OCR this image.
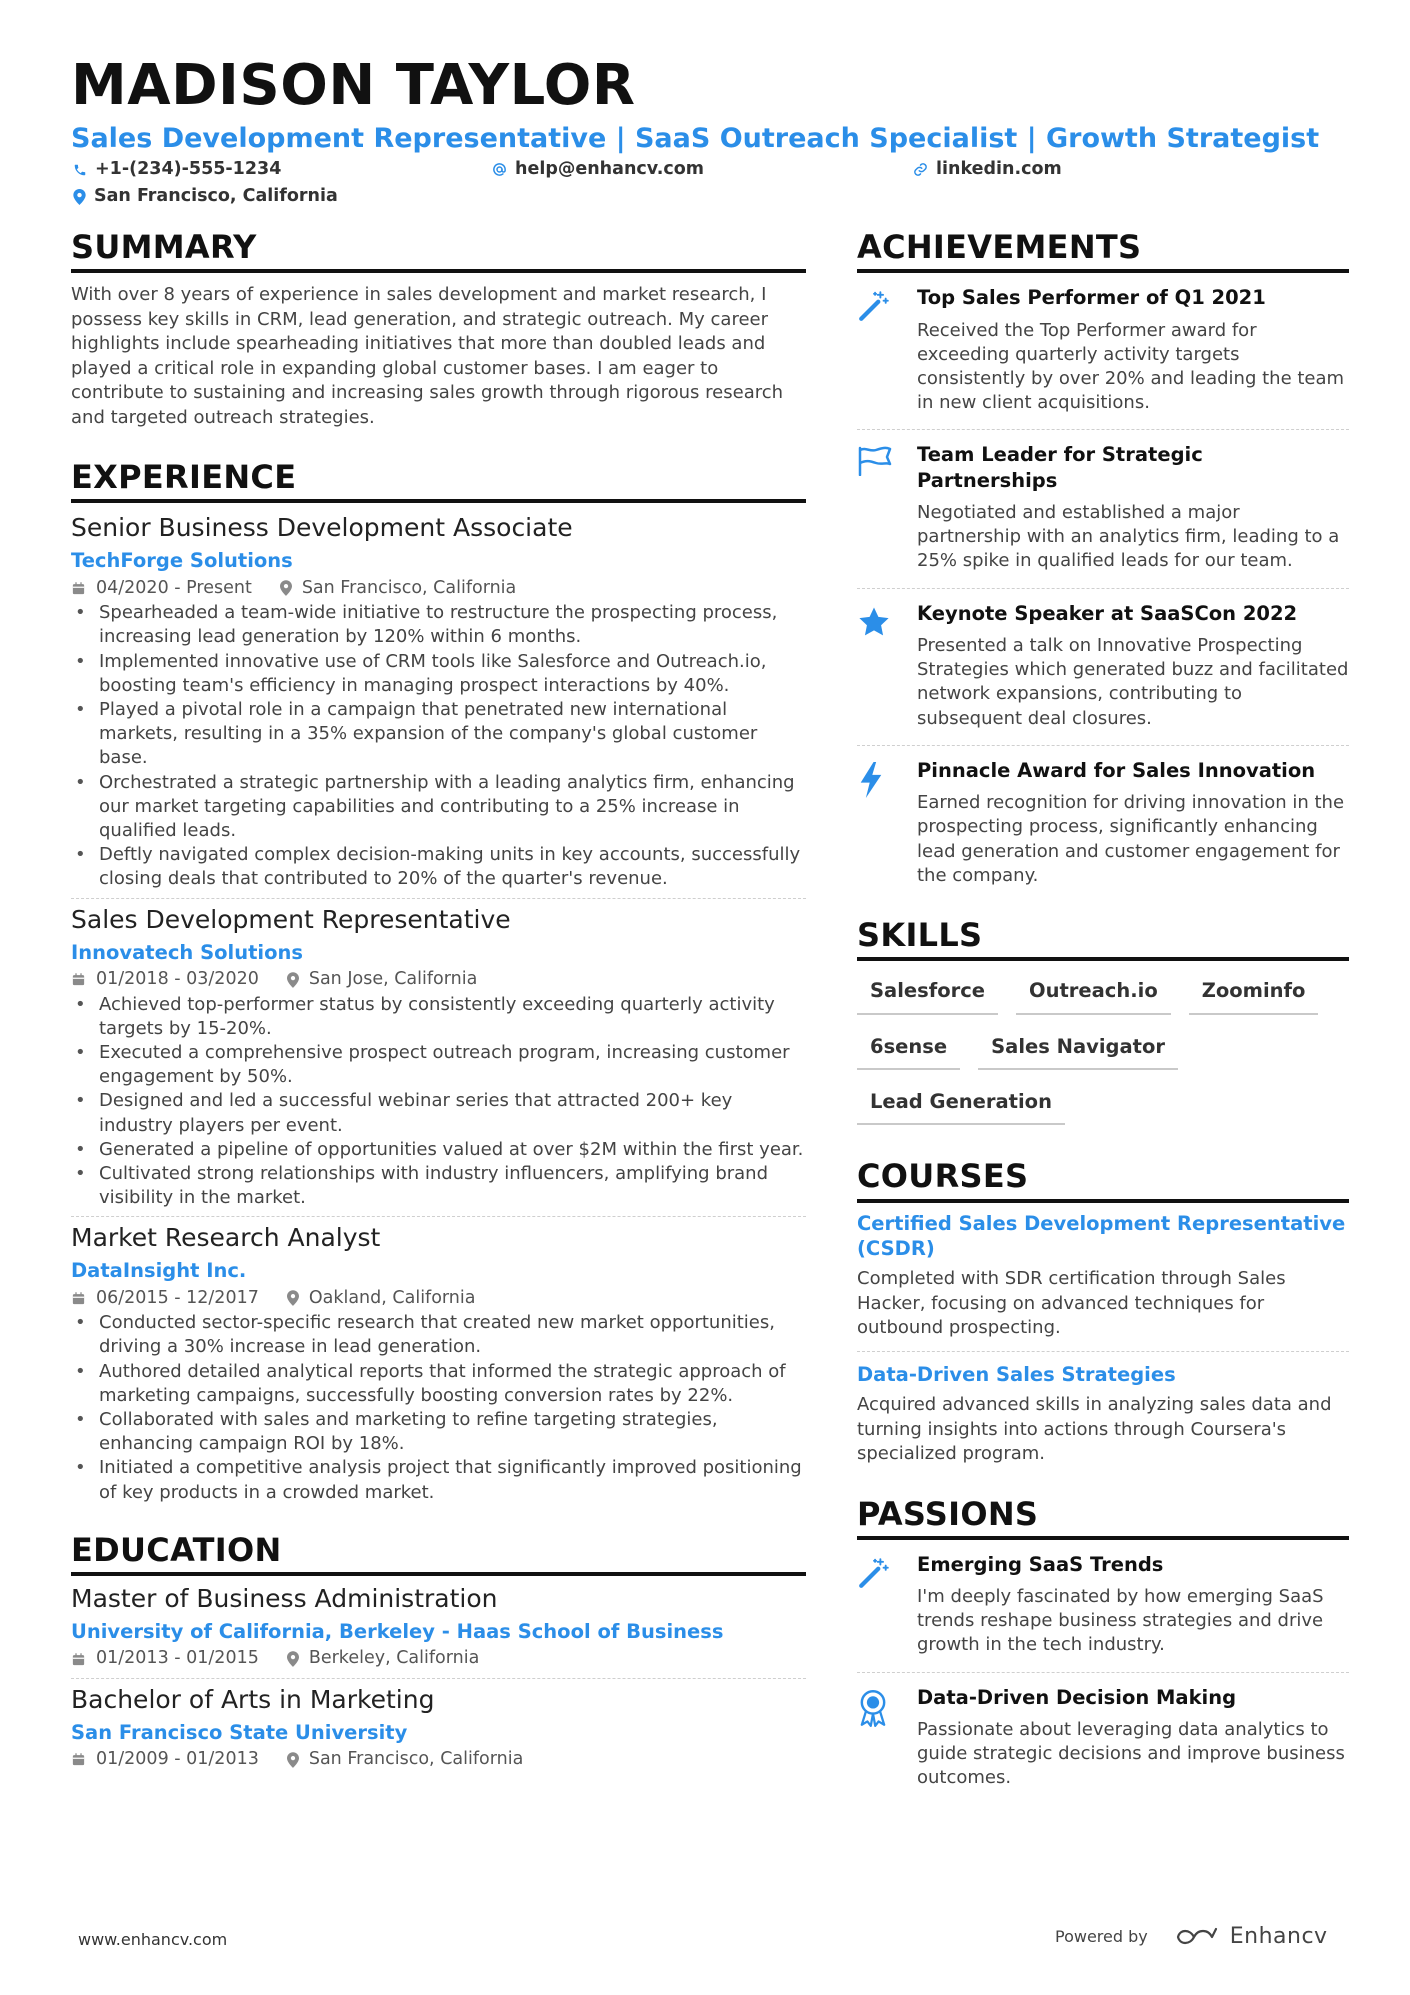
MADISON TAYLOR
Sales Development Representative | SaaS Outreach Specialist | Growth Strategist
+1-(234)-555-1234	help@enhancv.com	linkedin.com
San Francisco, California
SUMMARY
With over 8 years of experience in sales development and market research, I possess key skills in CRM, lead generation, and strategic outreach. My career highlights include spearheading initiatives that more than doubled leads and played a critical role in expanding global customer bases. I am eager to contribute to sustaining and increasing sales growth through rigorous research and targeted outreach strategies.
EXPERIENCE
Senior Business Development Associate
TechForge Solutions
04/2020 - Present	San Francisco, California
• Spearheaded a team-wide initiative to restructure the prospecting process, increasing lead generation by 120% within 6 months.
• Implemented innovative use of CRM tools like Salesforce and Outreach.io, boosting team's efficiency in managing prospect interactions by 40%.
• Played a pivotal role in a campaign that penetrated new international markets, resulting in a 35% expansion of the company's global customer base.
• Orchestrated a strategic partnership with a leading analytics firm, enhancing our market targeting capabilities and contributing to a 25% increase in qualified leads.
• Deftly navigated complex decision-making units in key accounts, successfully closing deals that contributed to 20% of the quarter's revenue.
Sales Development Representative
Innovatech Solutions
01/2018 - 03/2020	San Jose, California
• Achieved top-performer status by consistently exceeding quarterly activity targets by 15-20%.
• Executed a comprehensive prospect outreach program, increasing customer engagement by 50%.
• Designed and led a successful webinar series that attracted 200+ key industry players per event.
• Generated a pipeline of opportunities valued at over $2M within the first year.
• Cultivated strong relationships with industry influencers, amplifying brand visibility in the market.
Market Research Analyst
DataInsight Inc.
06/2015 - 12/2017	Oakland, California
• Conducted sector-specific research that created new market opportunities, driving a 30% increase in lead generation.
• Authored detailed analytical reports that informed the strategic approach of marketing campaigns, successfully boosting conversion rates by 22%.
• Collaborated with sales and marketing to refine targeting strategies, enhancing campaign ROI by 18%.
• Initiated a competitive analysis project that significantly improved positioning of key products in a crowded market.
EDUCATION
Master of Business Administration
University of California, Berkeley - Haas School of Business
01/2013 - 01/2015	Berkeley, California
Bachelor of Arts in Marketing
San Francisco State University
01/2009 - 01/2013	San Francisco, California
ACHIEVEMENTS
Top Sales Performer of Q1 2021
Received the Top Performer award for exceeding quarterly activity targets consistently by over 20% and leading the team in new client acquisitions.
Team Leader for Strategic Partnerships
Negotiated and established a major partnership with an analytics firm, leading to a 25% spike in qualified leads for our team.
Keynote Speaker at SaaSCon 2022
Presented a talk on Innovative Prospecting Strategies which generated buzz and facilitated network expansions, contributing to subsequent deal closures.
Pinnacle Award for Sales Innovation
Earned recognition for driving innovation in the prospecting process, significantly enhancing lead generation and customer engagement for the company.
SKILLS
Salesforce	Outreach.io	Zoominfo
6sense	Sales Navigator
Lead Generation
COURSES
Certified Sales Development Representative (CSDR)
Completed with SDR certification through Sales Hacker, focusing on advanced techniques for outbound prospecting.
Data-Driven Sales Strategies
Acquired advanced skills in analyzing sales data and turning insights into actions through Coursera's specialized program.
PASSIONS
Emerging SaaS Trends
I'm deeply fascinated by how emerging SaaS trends reshape business strategies and drive growth in the tech industry.
Data-Driven Decision Making
Passionate about leveraging data analytics to guide strategic decisions and improve business outcomes.
www.enhancv.com	Powered by	Enhancv
